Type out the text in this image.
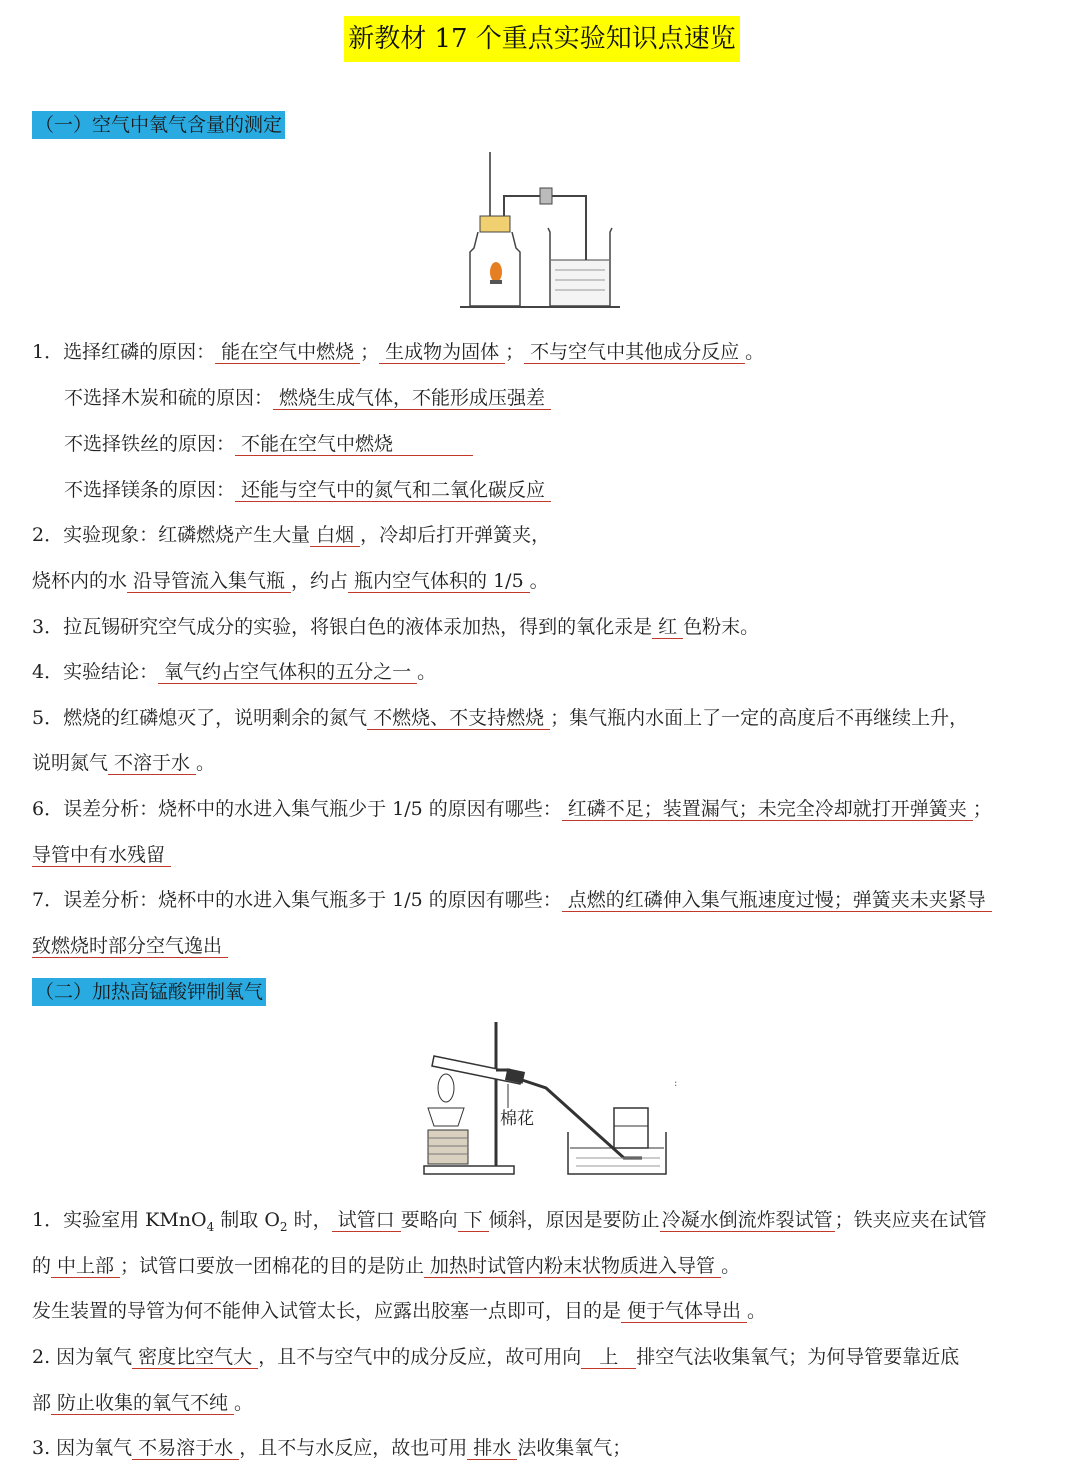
新教材 17 个重点实验知识点速览
（一）空气中氧气含量的测定
1．选择红磷的原因： 能在空气中燃烧 ； 生成物为固体 ； 不与空气中其他成分反应 。
不选择木炭和硫的原因： 燃烧生成气体，不能形成压强差
不选择铁丝的原因： 不能在空气中燃烧
不选择镁条的原因： 还能与空气中的氮气和二氧化碳反应
2．实验现象：红磷燃烧产生大量 白烟 ，冷却后打开弹簧夹，
烧杯内的水 沿导管流入集气瓶 ，约占 瓶内空气体积的 1/5 。
3．拉瓦锡研究空气成分的实验，将银白色的液体汞加热，得到的氧化汞是 红 色粉末。
4．实验结论： 氧气约占空气体积的五分之一 。
5．燃烧的红磷熄灭了，说明剩余的氮气 不燃烧、不支持燃烧 ；集气瓶内水面上了一定的高度后不再继续上升，
说明氮气 不溶于水 。
6．误差分析：烧杯中的水进入集气瓶少于 1/5 的原因有哪些： 红磷不足；装置漏气；未完全冷却就打开弹簧夹 ；
导管中有水残留
7．误差分析：烧杯中的水进入集气瓶多于 1/5 的原因有哪些： 点燃的红磷伸入集气瓶速度过慢；弹簧夹未夹紧导
致燃烧时部分空气逸出
（二）加热高锰酸钾制氧气
棉花
:
1．实验室用 KMnO$_4$ 制取 $O_2$ 时， 试管口 要略向 下 倾斜，原因是要防止 冷凝水倒流炸裂试管 ；铁夹应夹在试管
的 中上部 ；试管口要放一团棉花的目的是防止 加热时试管内粉末状物质进入导管 。
发生装置的导管为何不能伸入试管太长，应露出胶塞一点即可，目的是 便于气体导出 。
2. 因为氧气 密度比空气大 ，且不与空气中的成分反应，故可用向 上 排空气法收集氧气；为何导管要靠近底
部 防止收集的氧气不纯 。
3. 因为氧气 不易溶于水 ，且不与水反应，故也可用 排水 法收集氧气；
